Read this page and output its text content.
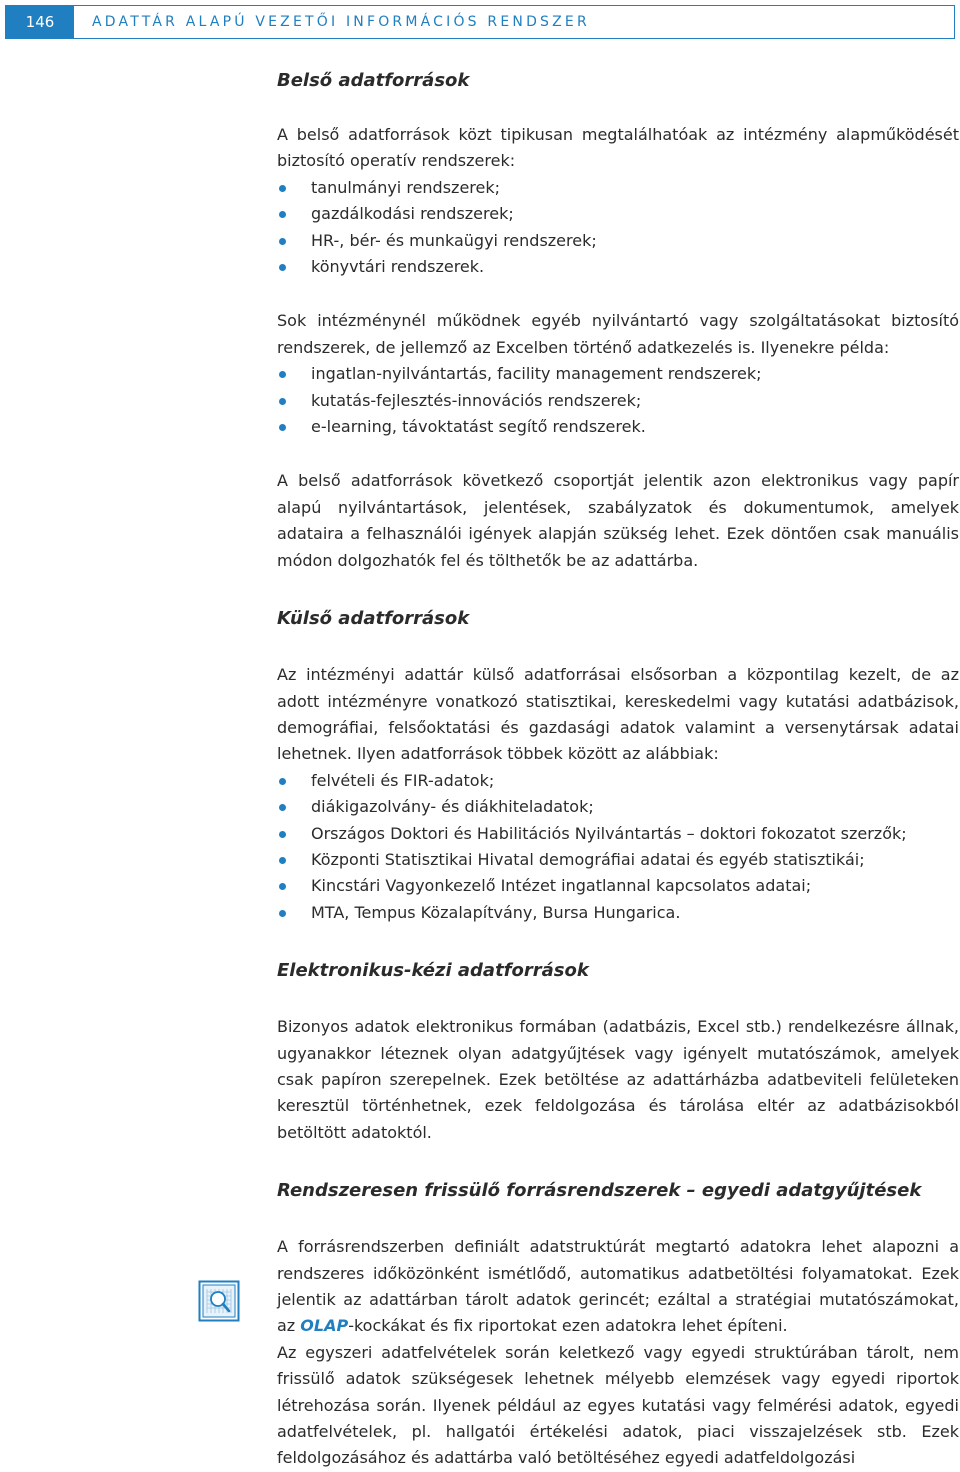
146	ADATTÁR ALAPÚ VEZETŐI INFORMÁCIÓS RENDSZER
Belső adatforrások

A belső adatforrások közt tipikusan megtalálhatóak az intézmény alapműködését biztosító operatív rendszerek:

tanulmányi rendszerek;
gazdálkodási rendszerek;
HR-, bér- és munkaügyi rendszerek;
könyvtári rendszerek.

Sok intézménynél működnek egyéb nyilvántartó vagy szolgáltatásokat biztosító rendszerek, de jellemző az Excelben történő adatkezelés is. Ilyenekre példa:

ingatlan-nyilvántartás, facility management rendszerek;
kutatás-fejlesztés-innovációs rendszerek;
e-learning, távoktatást segítő rendszerek.

A belső adatforrások következő csoportját jelentik azon elektronikus vagy papír alapú nyilvántartások, jelentések, szabályzatok és dokumentumok, amelyek adataira a felhasználói igények alapján szükség lehet. Ezek döntően csak manuális módon dolgozhatók fel és tölthetők be az adattárba.

Külső adatforrások

Az intézményi adattár külső adatforrásai elsősorban a központilag kezelt, de az adott intézményre vonatkozó statisztikai, kereskedelmi vagy kutatási adatbázisok, demográfiai, felsőoktatási és gazdasági adatok valamint a versenytársak adatai lehetnek. Ilyen adatforrások többek között az alábbiak:

felvételi és FIR-adatok;
diákigazolvány- és diákhiteladatok;
Országos Doktori és Habilitációs Nyilvántartás – doktori fokozatot szerzők;
Központi Statisztikai Hivatal demográfiai adatai és egyéb statisztikái;
Kincstári Vagyonkezelő Intézet ingatlannal kapcsolatos adatai;
MTA, Tempus Közalapítvány, Bursa Hungarica.
Elektronikus-kézi adatforrások

Bizonyos adatok elektronikus formában (adatbázis, Excel stb.) rendelkezésre állnak, ugyanakkor léteznek olyan adatgyűjtések vagy igényelt mutatószámok, amelyek csak papíron szerepelnek. Ezek betöltése az adattárházba adatbeviteli felületeken keresztül történhetnek, ezek feldolgozása és tárolása eltér az adatbázisokból betöltött adatoktól.

Rendszeresen frissülő forrásrendszerek – egyedi adatgyűjtések

A forrásrendszerben definiált adatstruktúrát megtartó adatokra lehet alapozni a rendszeres időközönként ismétlődő, automatikus adatbetöltési folyamatokat. Ezek jelentik az adattárban tárolt adatok gerincét; ezáltal a stratégiai mutatószámokat, az OLAP-kockákat és fix riportokat ezen adatokra lehet építeni.

Az egyszeri adatfelvételek során keletkező vagy egyedi struktúrában tárolt, nem frissülő adatok szükségesek lehetnek mélyebb elemzések vagy egyedi riportok létrehozása során. Ilyenek például az egyes kutatási vagy felmérési adatok, egyedi adatfelvételek, pl. hallgatói értékelési adatok, piaci visszajelzések stb. Ezek feldolgozásához és adattárba való betöltéséhez egyedi adatfeldolgozási
